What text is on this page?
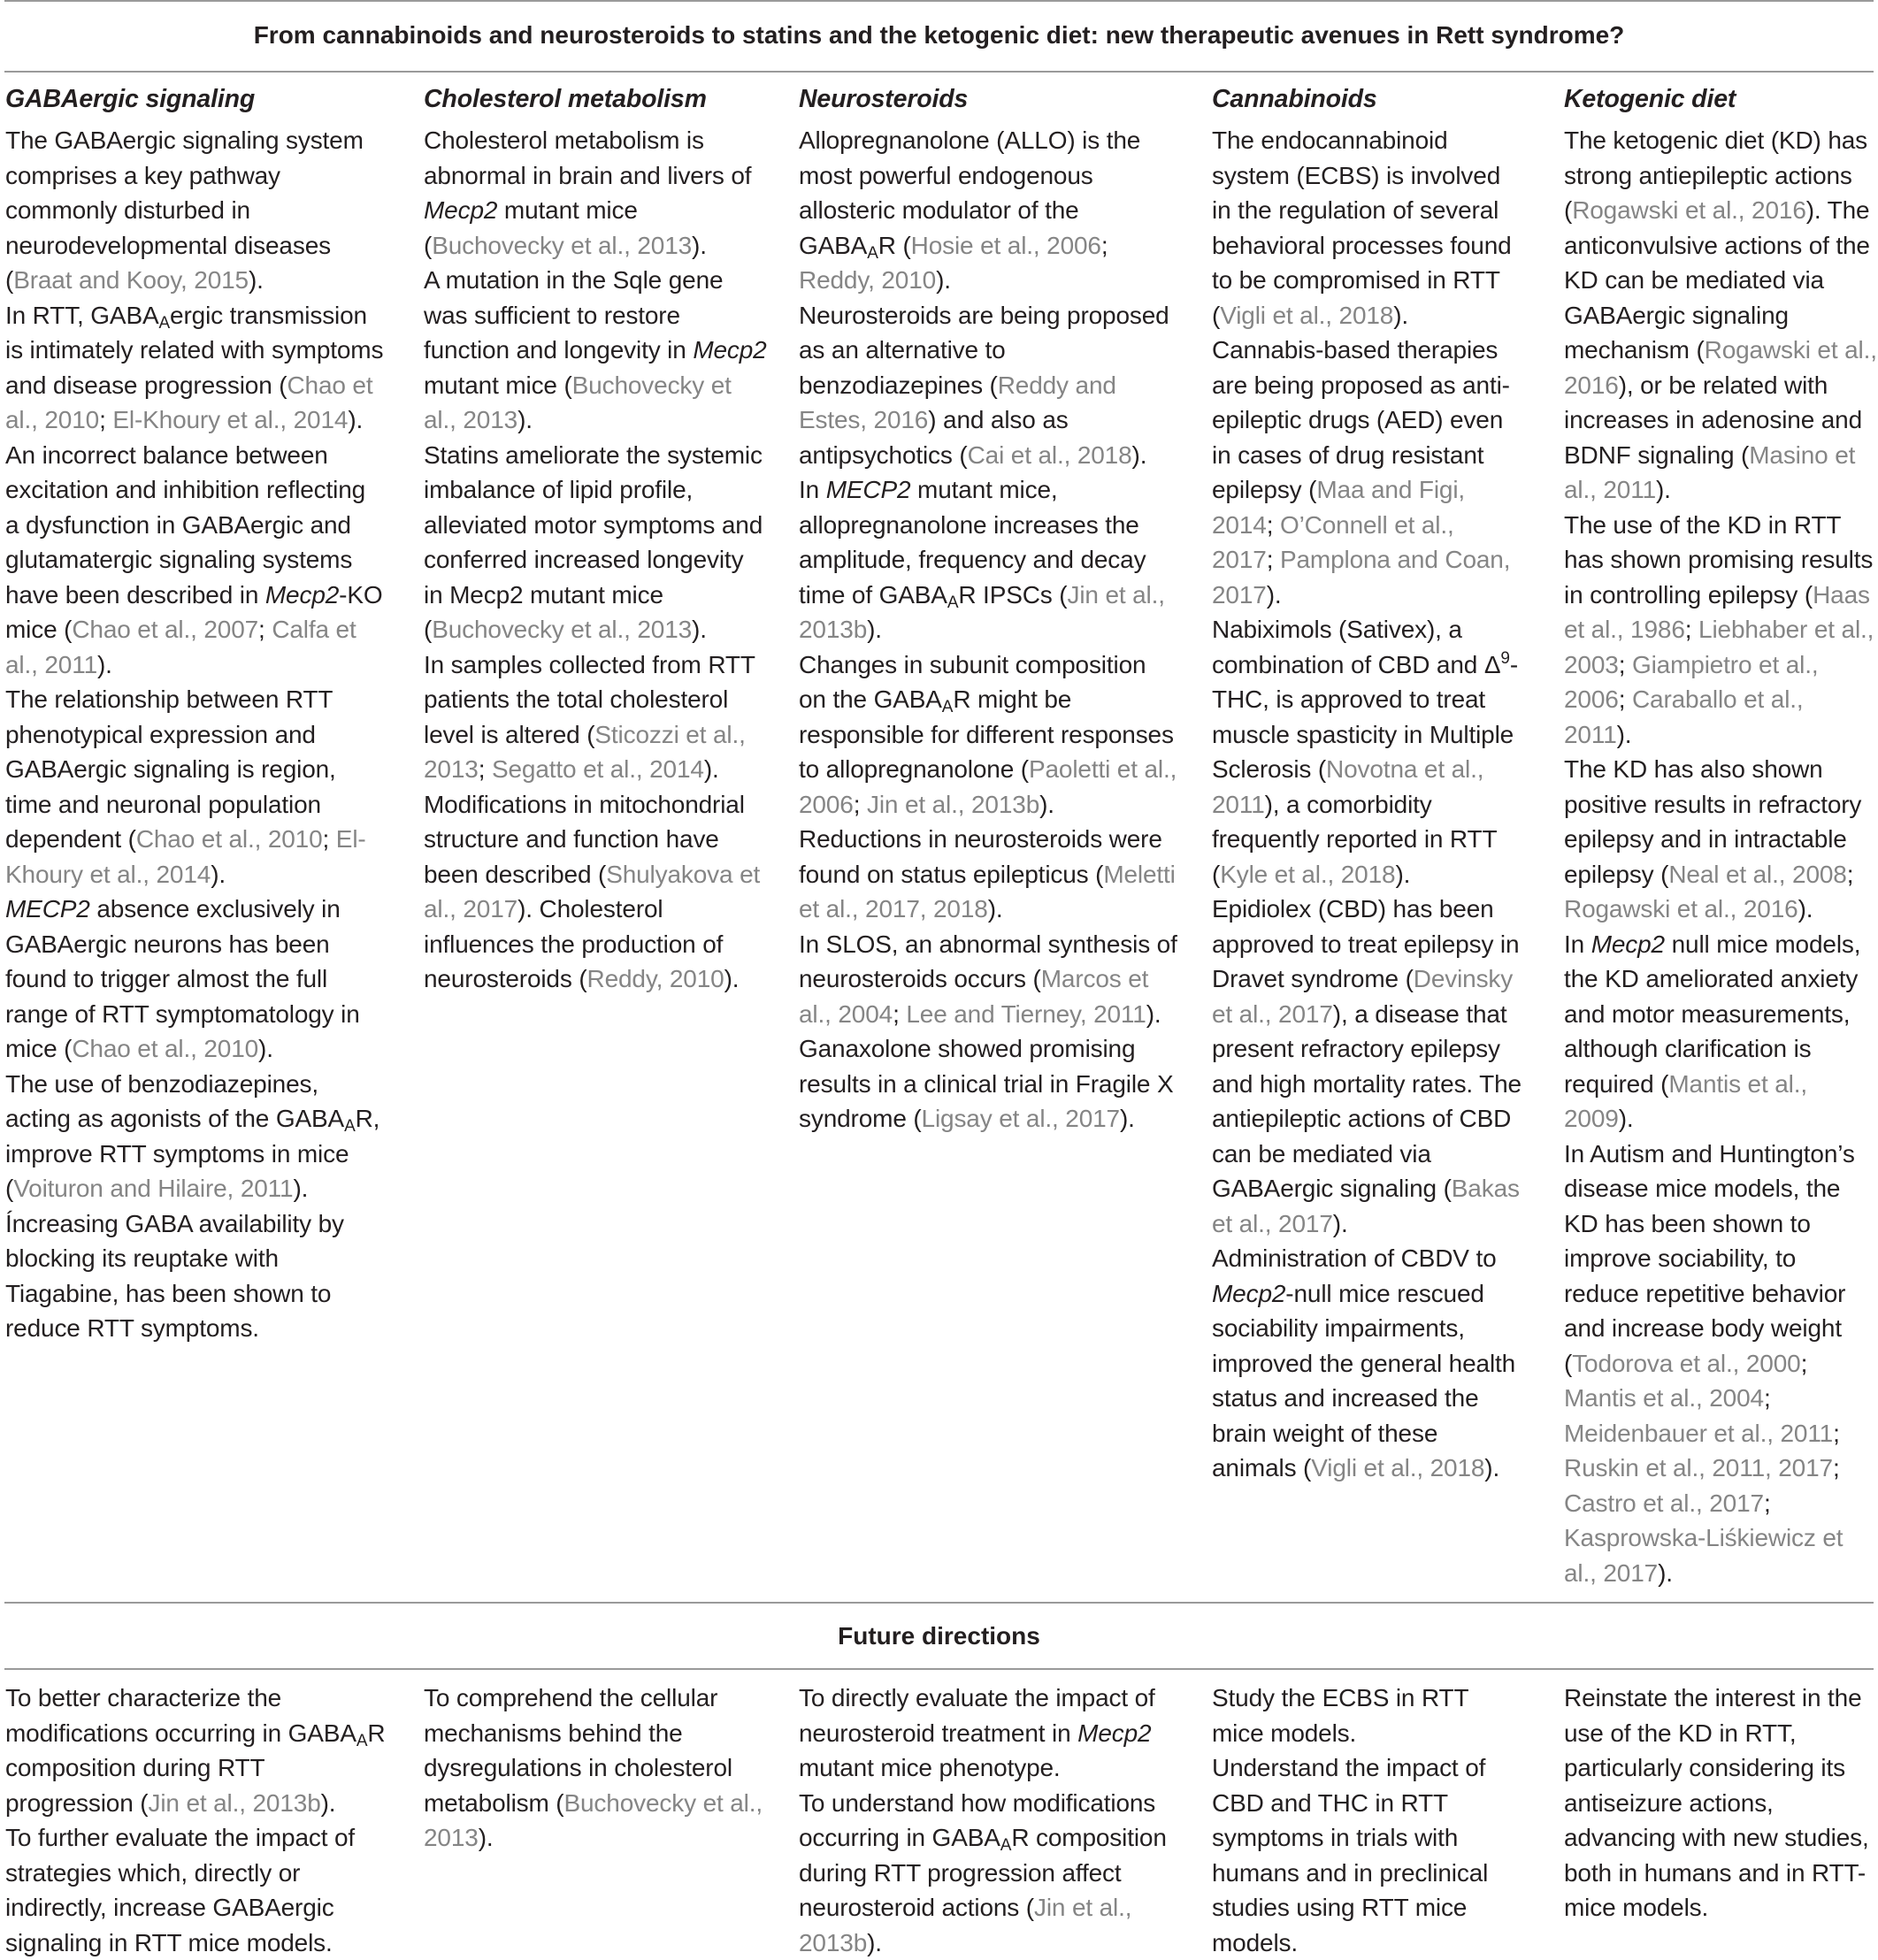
From cannabinoids and neurosteroids to statins and the ketogenic diet: new therapeutic avenues in Rett syndrome?
GABAergic signaling

The GABAergic signaling system comprises a key pathway commonly disturbed in neurodevelopmental diseases (Braat and Kooy, 2015).

In RTT, $GABA_Aergic$ transmission is intimately related with symptoms and disease progression (Chao et al., 2010; El-Khoury et al., 2014).

An incorrect balance between excitation and inhibition reflecting a dysfunction in GABAergic and glutamatergic signaling systems have been described in Mecp2-KO mice (Chao et al., 2007; Calfa et al., 2011).

The relationship between RTT phenotypical expression and GABAergic signaling is region, time and neuronal population dependent (Chao et al., 2010; El-Khoury et al., 2014).

MECP2 absence exclusively in GABAergic neurons has been found to trigger almost the full range of RTT symptomatology in mice (Chao et al., 2010).

The use of benzodiazepines, acting as agonists of the $GABA_AR$, improve RTT symptoms in mice (Voituron and Hilaire, 2011).

Íncreasing GABA availability by blocking its reuptake with Tiagabine, has been shown to reduce RTT symptoms.

Cholesterol metabolism

Cholesterol metabolism is abnormal in brain and livers of Mecp2 mutant mice (Buchovecky et al., 2013).

A mutation in the Sqle gene was sufficient to restore function and longevity in Mecp2 mutant mice (Buchovecky et al., 2013).

Statins ameliorate the systemic imbalance of lipid profile, alleviated motor symptoms and conferred increased longevity in Mecp2 mutant mice (Buchovecky et al., 2013).

In samples collected from RTT patients the total cholesterol level is altered (Sticozzi et al., 2013; Segatto et al., 2014).

Modifications in mitochondrial structure and function have been described (Shulyakova et al., 2017). Cholesterol influences the production of neurosteroids (Reddy, 2010).

Neurosteroids

Allopregnanolone (ALLO) is the most powerful endogenous allosteric modulator of the $GABA_AR$ (Hosie et al., 2006; Reddy, 2010).

Neurosteroids are being proposed as an alternative to benzodiazepines (Reddy and Estes, 2016) and also as antipsychotics (Cai et al., 2018).

In MECP2 mutant mice, allopregnanolone increases the amplitude, frequency and decay time of $GABA_AR$ IPSCs (Jin et al., 2013b).

Changes in subunit composition on the $GABA_AR$ might be responsible for different responses to allopregnanolone (Paoletti et al., 2006; Jin et al., 2013b).

Reductions in neurosteroids were found on status epilepticus (Meletti et al., 2017, 2018).

In SLOS, an abnormal synthesis of neurosteroids occurs (Marcos et al., 2004; Lee and Tierney, 2011). Ganaxolone showed promising results in a clinical trial in Fragile X syndrome (Ligsay et al., 2017).

Cannabinoids

The endocannabinoid system (ECBS) is involved in the regulation of several behavioral processes found to be compromised in RTT (Vigli et al., 2018).

Cannabis-based therapies are being proposed as anti-epileptic drugs (AED) even in cases of drug resistant epilepsy (Maa and Figi, 2014; O’Connell et al., 2017; Pamplona and Coan, 2017).

Nabiximols (Sativex), a combination of CBD and $\Delta^9$-THC, is approved to treat muscle spasticity in Multiple Sclerosis (Novotna et al., 2011), a comorbidity frequently reported in RTT (Kyle et al., 2018).

Epidiolex (CBD) has been approved to treat epilepsy in Dravet syndrome (Devinsky et al., 2017), a disease that present refractory epilepsy and high mortality rates. The antiepileptic actions of CBD can be mediated via GABAergic signaling (Bakas et al., 2017).

Administration of CBDV to Mecp2-null mice rescued sociability impairments, improved the general health status and increased the brain weight of these animals (Vigli et al., 2018).

Ketogenic diet

The ketogenic diet (KD) has strong antiepileptic actions (Rogawski et al., 2016). The anticonvulsive actions of the KD can be mediated via GABAergic signaling mechanism (Rogawski et al., 2016), or be related with increases in adenosine and BDNF signaling (Masino et al., 2011).

The use of the KD in RTT has shown promising results in controlling epilepsy (Haas et al., 1986; Liebhaber et al., 2003; Giampietro et al., 2006; Caraballo et al., 2011).

The KD has also shown positive results in refractory epilepsy and in intractable epilepsy (Neal et al., 2008; Rogawski et al., 2016).

In Mecp2 null mice models, the KD ameliorated anxiety and motor measurements, although clarification is required (Mantis et al., 2009).

In Autism and Huntington’s disease mice models, the KD has been shown to improve sociability, to reduce repetitive behavior and increase body weight (Todorova et al., 2000; Mantis et al., 2004; Meidenbauer et al., 2011; Ruskin et al., 2011, 2017; Castro et al., 2017; Kasprowska-Liśkiewicz et al., 2017).

Future directions

To better characterize the modifications occurring in $GABA_AR$ composition during RTT progression (Jin et al., 2013b).

To further evaluate the impact of strategies which, directly or indirectly, increase GABAergic signaling in RTT mice models.

To comprehend the cellular mechanisms behind the dysregulations in cholesterol metabolism (Buchovecky et al., 2013).

To directly evaluate the impact of neurosteroid treatment in Mecp2 mutant mice phenotype.

To understand how modifications occurring in $GABA_AR$ composition during RTT progression affect neurosteroid actions (Jin et al., 2013b).

Study the ECBS in RTT mice models.

Understand the impact of CBD and THC in RTT symptoms in trials with humans and in preclinical studies using RTT mice models.

Reinstate the interest in the use of the KD in RTT, particularly considering its antiseizure actions, advancing with new studies, both in humans and in RTT-mice models.
